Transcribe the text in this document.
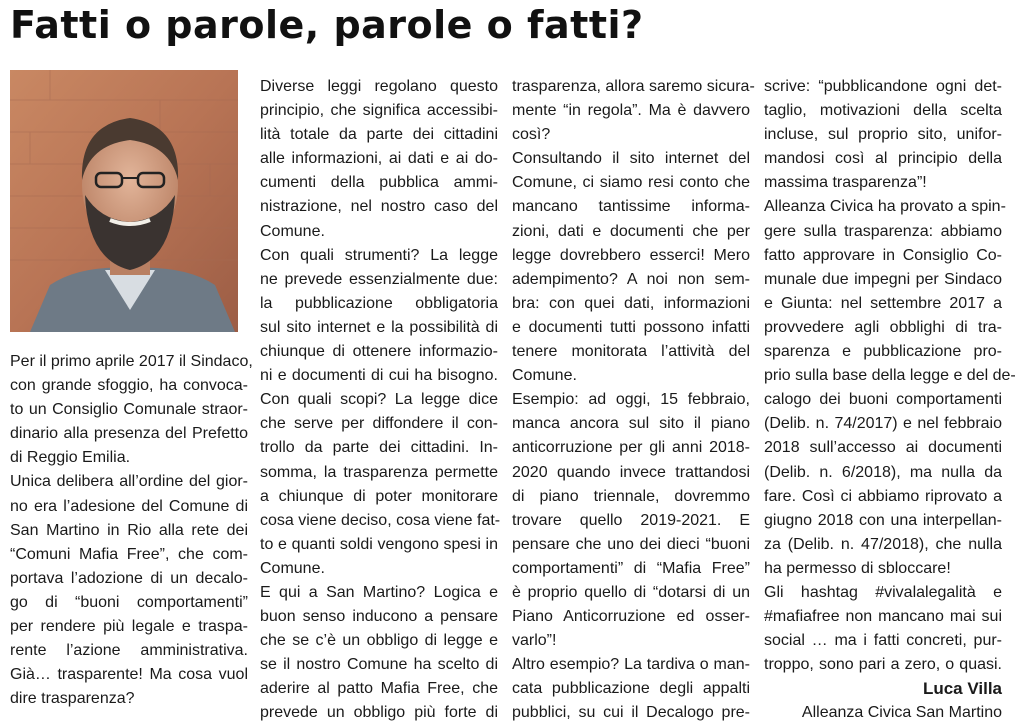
Fatti o parole, parole o fatti?

Per il primo aprile 2017 il Sindaco,
con grande sfoggio, ha convoca-
to un Consiglio Comunale straor-
dinario alla presenza del Prefetto
di Reggio Emilia.
Unica delibera all’ordine del gior-
no era l’adesione del Comune di
San Martino in Rio alla rete dei
“Comuni Mafia Free”, che com-
portava l’adozione di un decalo-
go di “buoni comportamenti”
per rendere più legale e traspa-
rente l’azione amministrativa.
Già… trasparente! Ma cosa vuol
dire trasparenza?

Diverse leggi regolano questo
principio, che significa accessibi-
lità totale da parte dei cittadini
alle informazioni, ai dati e ai do-
cumenti della pubblica ammi-
nistrazione, nel nostro caso del
Comune.
Con quali strumenti? La legge
ne prevede essenzialmente due:
la pubblicazione obbligatoria
sul sito internet e la possibilità di
chiunque di ottenere informazio-
ni e documenti di cui ha bisogno.
Con quali scopi? La legge dice
che serve per diffondere il con-
trollo da parte dei cittadini. In-
somma, la trasparenza permette
a chiunque di poter monitorare
cosa viene deciso, cosa viene fat-
to e quanti soldi vengono spesi in
Comune.
E qui a San Martino? Logica e
buon senso inducono a pensare
che se c’è un obbligo di legge e
se il nostro Comune ha scelto di
aderire al patto Mafia Free, che
prevede un obbligo più forte di

trasparenza, allora saremo sicura-
mente “in regola”. Ma è davvero
così?
Consultando il sito internet del
Comune, ci siamo resi conto che
mancano tantissime informa-
zioni, dati e documenti che per
legge dovrebbero esserci! Mero
adempimento? A noi non sem-
bra: con quei dati, informazioni
e documenti tutti possono infatti
tenere monitorata l’attività del
Comune.
Esempio: ad oggi, 15 febbraio,
manca ancora sul sito il piano
anticorruzione per gli anni 2018-
2020 quando invece trattandosi
di piano triennale, dovremmo
trovare quello 2019-2021. E
pensare che uno dei dieci “buoni
comportamenti” di “Mafia Free”
è proprio quello di “dotarsi di un
Piano Anticorruzione ed osser-
varlo”!
Altro esempio? La tardiva o man-
cata pubblicazione degli appalti
pubblici, su cui il Decalogo pre-

scrive: “pubblicandone ogni det-
taglio, motivazioni della scelta
incluse, sul proprio sito, unifor-
mandosi così al principio della
massima trasparenza”!
Alleanza Civica ha provato a spin-
gere sulla trasparenza: abbiamo
fatto approvare in Consiglio Co-
munale due impegni per Sindaco
e Giunta: nel settembre 2017 a
provvedere agli obblighi di tra-
sparenza e pubblicazione pro-
prio sulla base della legge e del de-
calogo dei buoni comportamenti
(Delib. n. 74/2017) e nel febbraio
2018 sull’accesso ai documenti
(Delib. n. 6/2018), ma nulla da
fare. Così ci abbiamo riprovato a
giugno 2018 con una interpellan-
za (Delib. n. 47/2018), che nulla
ha permesso di sbloccare!
Gli hashtag #vivalalegalità e
#mafiafree non mancano mai sui
social … ma i fatti concreti, pur-
troppo, sono pari a zero, o quasi.
Luca Villa
Alleanza Civica San Martino
